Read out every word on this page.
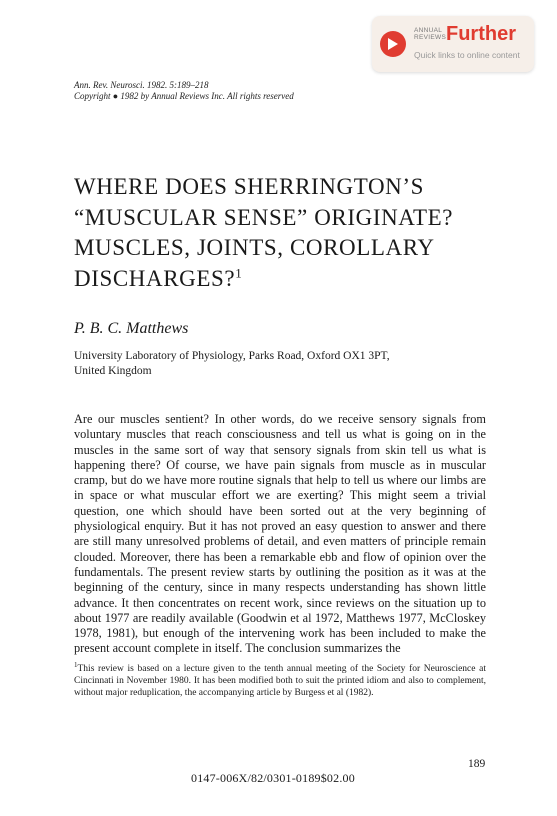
ANNUAL
REVIEWS Further
Quick links to online content
Ann. Rev. Neurosci. 1982. 5:189–218
Copyright ● 1982 by Annual Reviews Inc. All rights reserved
WHERE DOES SHERRINGTON’S
“MUSCULAR SENSE” ORIGINATE?
MUSCLES, JOINTS, COROLLARY
DISCHARGES?$^1$
P. B. C. Matthews
University Laboratory of Physiology, Parks Road, Oxford OX1 3PT,
United Kingdom

Are our muscles sentient? In other words, do we receive sensory signals from voluntary muscles that reach consciousness and tell us what is going on in the muscles in the same sort of way that sensory signals from skin tell us what is happening there? Of course, we have pain signals from muscle as in muscular cramp, but do we have more routine signals that help to tell us where our limbs are in space or what muscular effort we are exerting? This might seem a trivial question, one which should have been sorted out at the very beginning of physiological enquiry. But it has not proved an easy question to answer and there are still many unresolved problems of detail, and even matters of principle remain clouded. Moreover, there has been a remarkable ebb and flow of opinion over the fundamentals. The present review starts by outlining the position as it was at the beginning of the century, since in many respects understanding has shown little advance. It then concentrates on recent work, since reviews on the situation up to about 1977 are readily available (Goodwin et al 1972, Matthews 1977, McCloskey 1978, 1981), but enough of the intervening work has been included to make the present account complete in itself. The conclusion summarizes the

$^1$This review is based on a lecture given to the tenth annual meeting of the Society for Neuroscience at Cincinnati in November 1980. It has been modified both to suit the printed idiom and also to complement, without major reduplication, the accompanying article by Burgess et al (1982).

189
0147-006X/82/0301-0189$02.00
